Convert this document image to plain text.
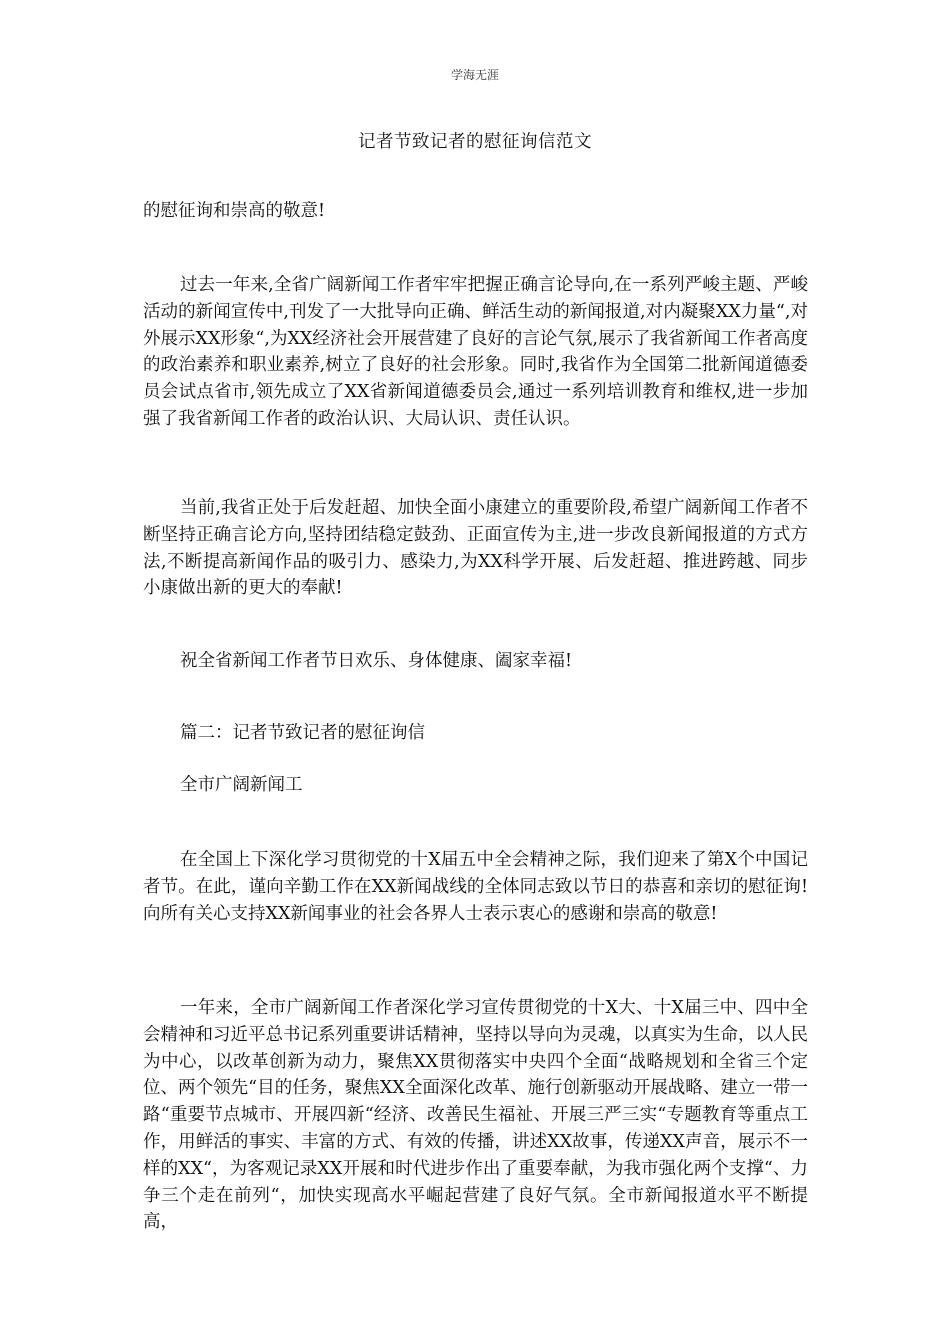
学海无涯
记者节致记者的慰征询信范文

的慰征询和崇高的敬意!

过去一年来,全省广阔新闻工作者牢牢把握正确言论导向,在一系列严峻主题、严峻活动的新闻宣传中,刊发了一大批导向正确、鲜活生动的新闻报道,对内凝聚XX力量“,对外展示XX形象“,为XX经济社会开展营建了良好的言论气氛,展示了我省新闻工作者高度的政治素养和职业素养,树立了良好的社会形象。同时,我省作为全国第二批新闻道德委员会试点省市,领先成立了XX省新闻道德委员会,通过一系列培训教育和维权,进一步加强了我省新闻工作者的政治认识、大局认识、责任认识。

当前,我省正处于后发赶超、加快全面小康建立的重要阶段,希望广阔新闻工作者不断坚持正确言论方向,坚持团结稳定鼓劲、正面宣传为主,进一步改良新闻报道的方式方法,不断提高新闻作品的吸引力、感染力,为XX科学开展、后发赶超、推进跨越、同步小康做出新的更大的奉献!

祝全省新闻工作者节日欢乐、身体健康、阖家幸福!

篇二：记者节致记者的慰征询信

全市广阔新闻工

在全国上下深化学习贯彻党的十X届五中全会精神之际，我们迎来了第X个中国记者节。在此，谨向辛勤工作在XX新闻战线的全体同志致以节日的恭喜和亲切的慰征询!向所有关心支持XX新闻事业的社会各界人士表示衷心的感谢和崇高的敬意!

一年来，全市广阔新闻工作者深化学习宣传贯彻党的十X大、十X届三中、四中全会精神和习近平总书记系列重要讲话精神，坚持以导向为灵魂，以真实为生命，以人民为中心，以改革创新为动力，聚焦XX贯彻落实中央四个全面“战略规划和全省三个定位、两个领先“目的任务，聚焦XX全面深化改革、施行创新驱动开展战略、建立一带一路“重要节点城市、开展四新“经济、改善民生福祉、开展三严三实“专题教育等重点工作，用鲜活的事实、丰富的方式、有效的传播，讲述XX故事，传递XX声音，展示不一样的XX“，为客观记录XX开展和时代进步作出了重要奉献，为我市强化两个支撑“、力争三个走在前列“，加快实现高水平崛起营建了良好气氛。全市新闻报道水平不断提高，
